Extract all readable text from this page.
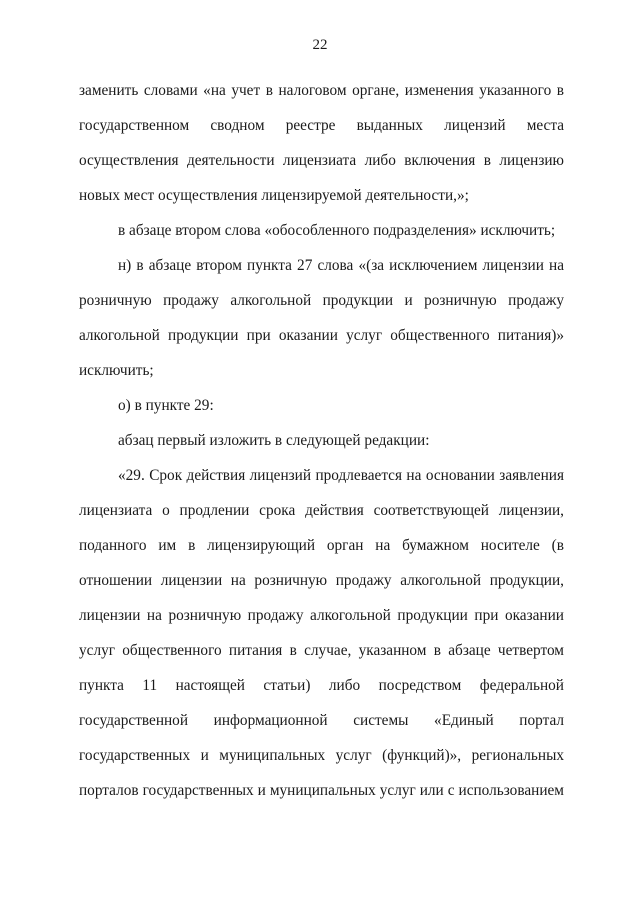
22

заменить словами «на учет в налоговом органе, изменения указанного в государственном сводном реестре выданных лицензий места осуществления деятельности лицензиата либо включения в лицензию новых мест осуществления лицензируемой деятельности,»;

в абзаце втором слова «обособленного подразделения» исключить;

н) в абзаце втором пункта 27 слова «(за исключением лицензии на розничную продажу алкогольной продукции и розничную продажу алкогольной продукции при оказании услуг общественного питания)» исключить;

о) в пункте 29:

абзац первый изложить в следующей редакции:

«29. Срок действия лицензий продлевается на основании заявления лицензиата о продлении срока действия соответствующей лицензии, поданного им в лицензирующий орган на бумажном носителе (в отношении лицензии на розничную продажу алкогольной продукции, лицензии на розничную продажу алкогольной продукции при оказании услуг общественного питания в случае, указанном в абзаце четвертом пункта 11 настоящей статьи) либо посредством федеральной государственной информационной системы «Единый портал государственных и муниципальных услуг (функций)», региональных порталов государственных и муниципальных услуг или с использованием
